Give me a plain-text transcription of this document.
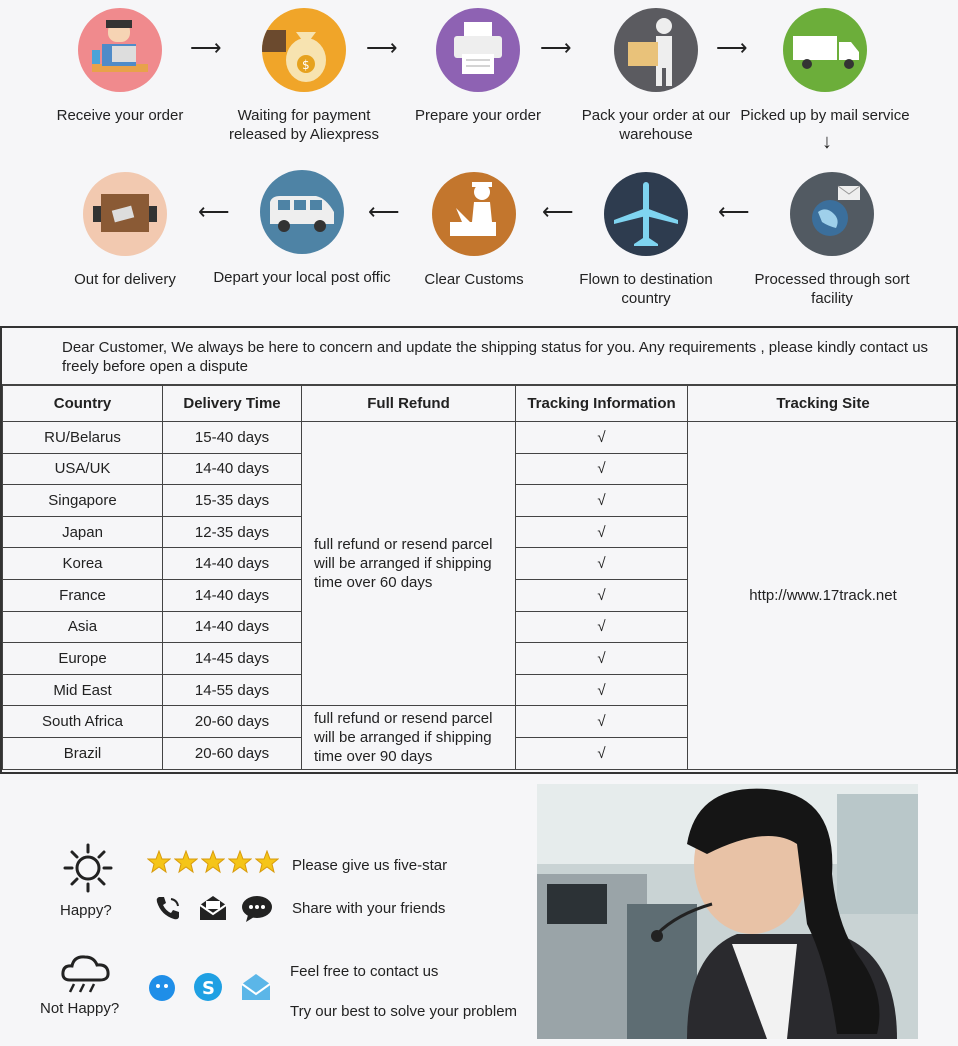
Receive your order
⟶
$
Waiting for payment released by Aliexpress
⟶
Prepare your order
⟶
Pack your order at our warehouse
⟶
Picked up by mail service
↓
Out for delivery
⟵
Depart your local post offic
⟵
Clear Customs
⟵
Flown to destination country
⟵
Processed through sort facility
Dear Customer, We always be here to concern and update the shipping status for you. Any requirements , please kindly contact us freely before open a dispute
Country	Delivery Time	Full Refund	Tracking Information	Tracking Site
RU/Belarus	15-40 days	full refund or resend parcel will be arranged if shipping time over 60 days	√	http://www.17track.net
USA/UK	14-40 days		√	
Singapore	15-35 days		√	
Japan	12-35 days		√	
Korea	14-40 days		√	
France	14-40 days		√	
Asia	14-40 days		√	
Europe	14-45 days		√	
Mid East	14-55 days		√	
South Africa	20-60 days	full refund or resend parcel will be arranged if shipping time over 90 days	√	
Brazil	20-60 days		√	
Happy?
Please give us five-star
Share with your friends
Not Happy?
S
Feel free to contact us
Try our best to solve your problem
